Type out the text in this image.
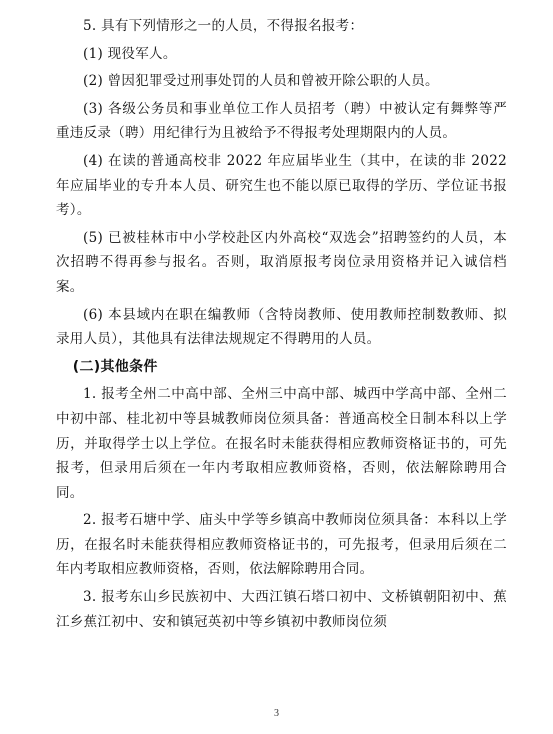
5. 具有下列情形之一的人员，不得报名报考：

(1) 现役军人。

(2) 曾因犯罪受过刑事处罚的人员和曾被开除公职的人员。

(3) 各级公务员和事业单位工作人员招考（聘）中被认定有舞弊等严重违反录（聘）用纪律行为且被给予不得报考处理期限内的人员。

(4) 在读的普通高校非 2022 年应届毕业生（其中，在读的非 2022 年应届毕业的专升本人员、研究生也不能以原已取得的学历、学位证书报考）。

(5) 已被桂林市中小学校赴区内外高校“双选会”招聘签约的人员，本次招聘不得再参与报名。否则，取消原报考岗位录用资格并记入诚信档案。

(6) 本县域内在职在编教师（含特岗教师、使用教师控制数教师、拟录用人员），其他具有法律法规规定不得聘用的人员。

(二)其他条件

1. 报考全州二中高中部、全州三中高中部、城西中学高中部、全州二中初中部、桂北初中等县城教师岗位须具备：普通高校全日制本科以上学历，并取得学士以上学位。在报名时未能获得相应教师资格证书的，可先报考，但录用后须在一年内考取相应教师资格，否则，依法解除聘用合同。

2. 报考石塘中学、庙头中学等乡镇高中教师岗位须具备：本科以上学历，在报名时未能获得相应教师资格证书的，可先报考，但录用后须在二年内考取相应教师资格，否则，依法解除聘用合同。

3. 报考东山乡民族初中、大西江镇石塔口初中、文桥镇朝阳初中、蕉江乡蕉江初中、安和镇冠英初中等乡镇初中教师岗位须

3
